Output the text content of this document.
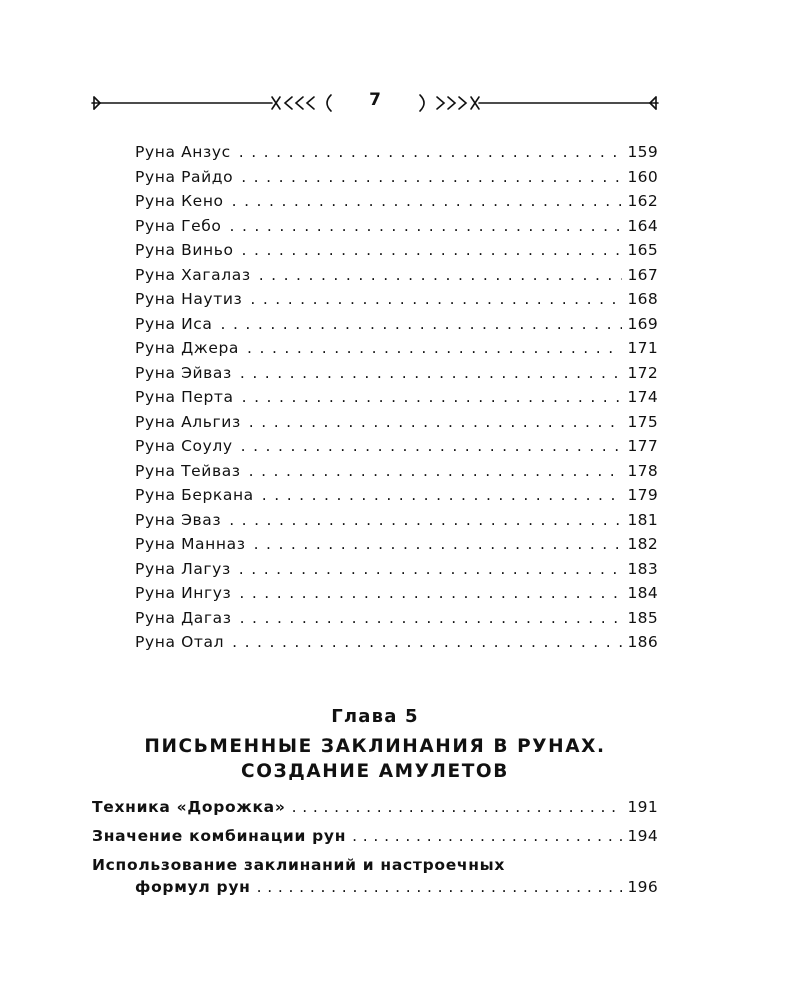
7
Руна Анзус . . .	159
Руна Райдо . . .	160
Руна Кено . . .	162
Руна Гебо . . .	164
Руна Виньо . . .	165
Руна Хагалаз . . .	167
Руна Наутиз . . .	168
Руна Иса . . .	169
Руна Джера . . .	171
Руна Эйваз . . .	172
Руна Перта . . .	174
Руна Альгиз . . .	175
Руна Соулу . . .	177
Руна Тейваз . . .	178
Руна Беркана . . .	179
Руна Эваз . . .	181
Руна Манназ . . .	182
Руна Лагуз . . .	183
Руна Ингуз . . .	184
Руна Дагаз . . .	185
Руна Отал . . .	186
Глава 5
ПИСЬМЕННЫЕ ЗАКЛИНАНИЯ В РУНАХ.
СОЗДАНИЕ АМУЛЕТОВ
Техника «Дорожка» . . .	191
Значение комбинации рун . . .	194
Использование заклинаний и настроечных
формул рун . . .	196
